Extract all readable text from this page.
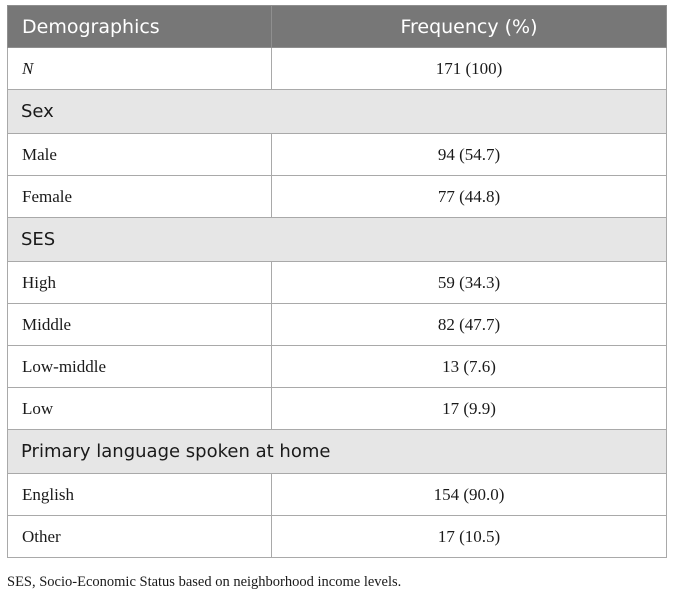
Demographics	Frequency (%)
N	171 (100)
Sex	
Male	94 (54.7)
Female	77 (44.8)
SES	
High	59 (34.3)
Middle	82 (47.7)
Low-middle	13 (7.6)
Low	17 (9.9)
Primary language spoken at home	
English	154 (90.0)
Other	17 (10.5)
SES, Socio-Economic Status based on neighborhood income levels.
